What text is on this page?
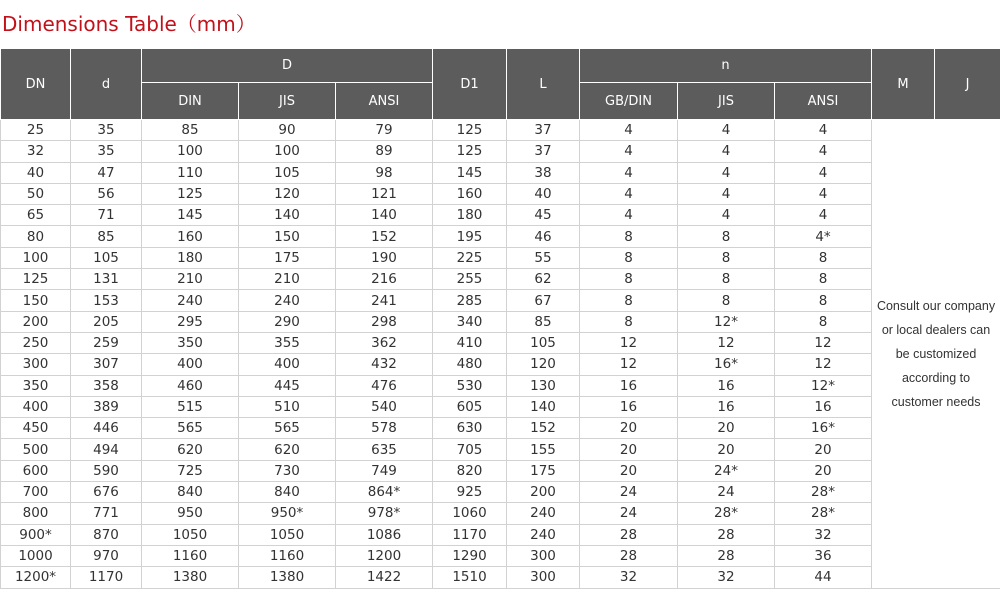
Dimensions Table（mm）
DN	d	D			D1	L	n			M	J
		DIN	JIS	ANSI			GB/DIN	JIS	ANSI		
25	35	85	90	79	125	37	4	4	4	Consult our company
or local dealers can
be customized
according to
customer needs	

32	35	100	100	89	125	37	4	4	4		
40	47	110	105	98	145	38	4	4	4		
50	56	125	120	121	160	40	4	4	4		
65	71	145	140	140	180	45	4	4	4		
80	85	160	150	152	195	46	8	8	4*		
100	105	180	175	190	225	55	8	8	8		
125	131	210	210	216	255	62	8	8	8		
150	153	240	240	241	285	67	8	8	8		
200	205	295	290	298	340	85	8	12*	8		
250	259	350	355	362	410	105	12	12	12		
300	307	400	400	432	480	120	12	16*	12		
350	358	460	445	476	530	130	16	16	12*		
400	389	515	510	540	605	140	16	16	16		
450	446	565	565	578	630	152	20	20	16*		
500	494	620	620	635	705	155	20	20	20		
600	590	725	730	749	820	175	20	24*	20		
700	676	840	840	864*	925	200	24	24	28*		
800	771	950	950*	978*	1060	240	24	28*	28*		
900*	870	1050	1050	1086	1170	240	28	28	32		
1000	970	1160	1160	1200	1290	300	28	28	36		
1200*	1170	1380	1380	1422	1510	300	32	32	44		
